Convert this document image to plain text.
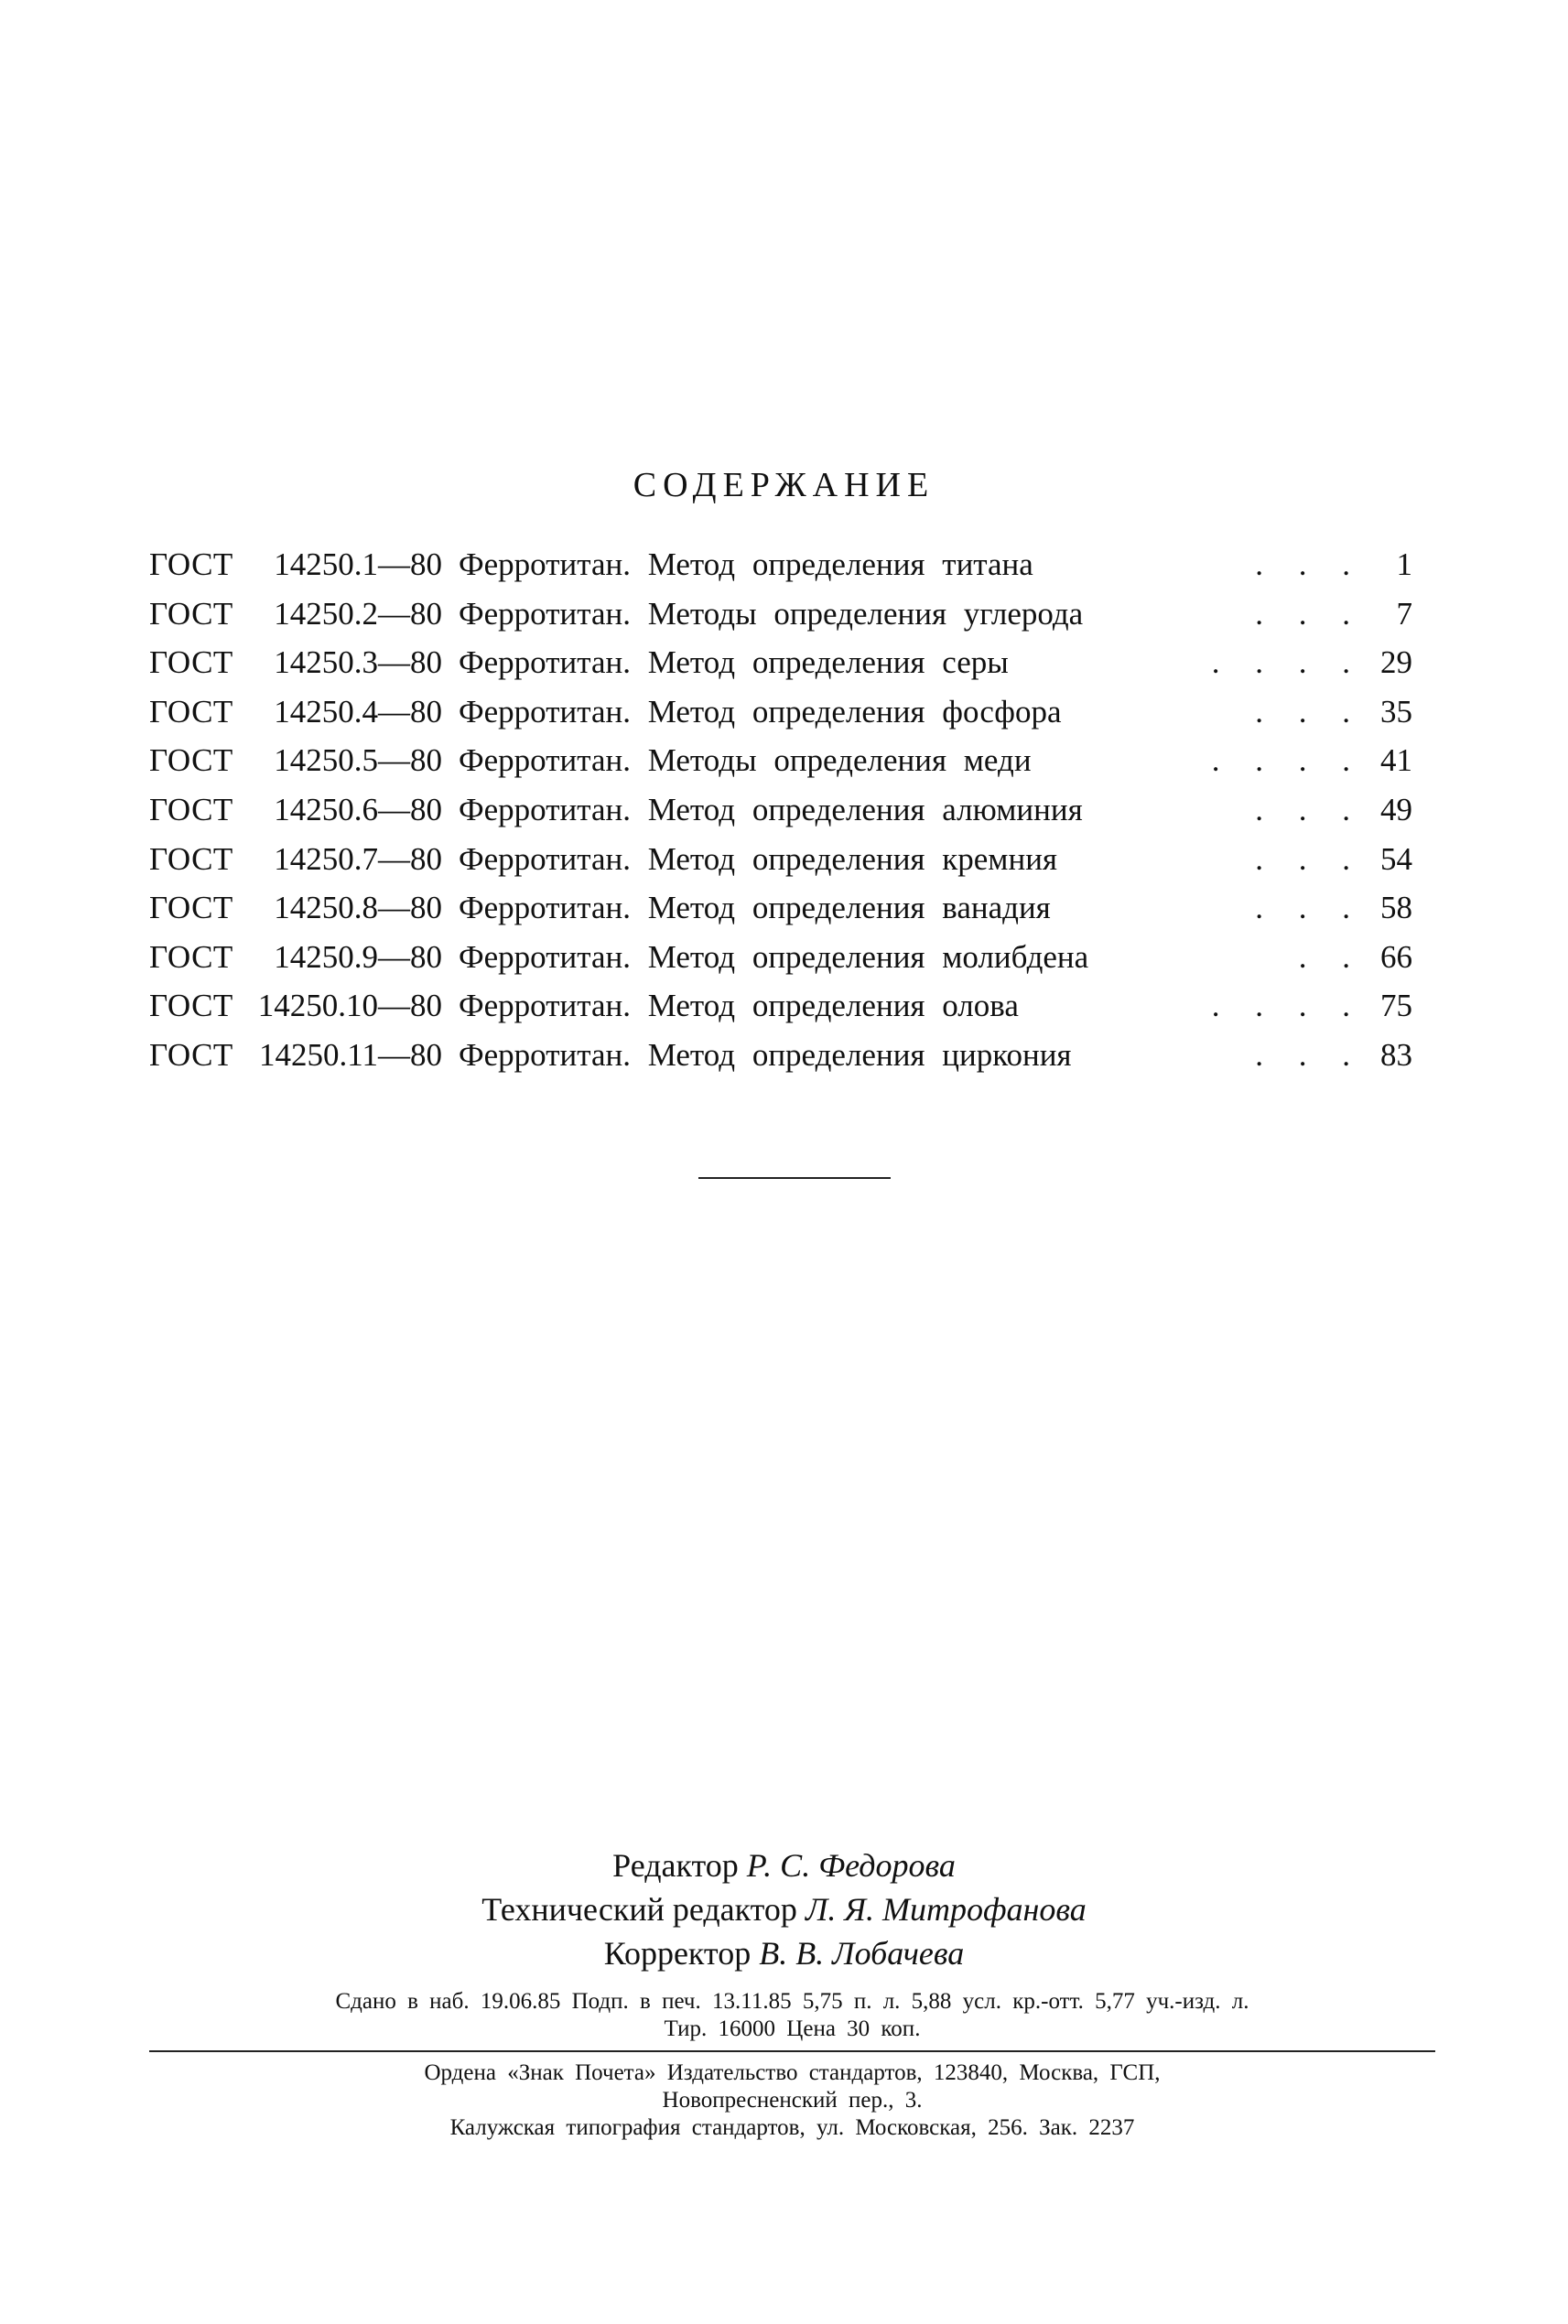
СОДЕРЖАНИЕ
ГОСТ	14250.1—80 Ферротитан. Метод определения титана	. . .	1
ГОСТ	14250.2—80 Ферротитан. Методы определения углерода	. . .	7
ГОСТ	14250.3—80 Ферротитан. Метод определения серы	. . . . 29
ГОСТ	14250.4—80 Ферротитан. Метод определения фосфора	. . . 35
ГОСТ	14250.5—80 Ферротитан. Методы определения меди	. . . . 41
ГОСТ	14250.6—80 Ферротитан. Метод определения алюминия	. . . 49
ГОСТ	14250.7—80 Ферротитан. Метод определения кремния	. . . 54
ГОСТ	14250.8—80 Ферротитан. Метод определения ванадия	. . . 58
ГОСТ	14250.9—80 Ферротитан. Метод определения молибдена	. . 66
ГОСТ 14250.10—80 Ферротитан. Метод определения олова	. . . . 75
ГОСТ 14250.11—80 Ферротитан. Метод определения циркония	. . . 83
Редактор Р. С. Федорова
Технический редактор Л. Я. Митрофанова
Корректор В. В. Лобачева
Сдано в наб. 19.06.85 Подп. в печ. 13.11.85 5,75 п. л. 5,88 усл. кр.-отт. 5,77 уч.-изд. л.
Тир. 16000 Цена 30 коп.
Ордена «Знак Почета» Издательство стандартов, 123840, Москва, ГСП,
Новопресненский пер., 3.
Калужская типография стандартов, ул. Московская, 256. Зак. 2237
